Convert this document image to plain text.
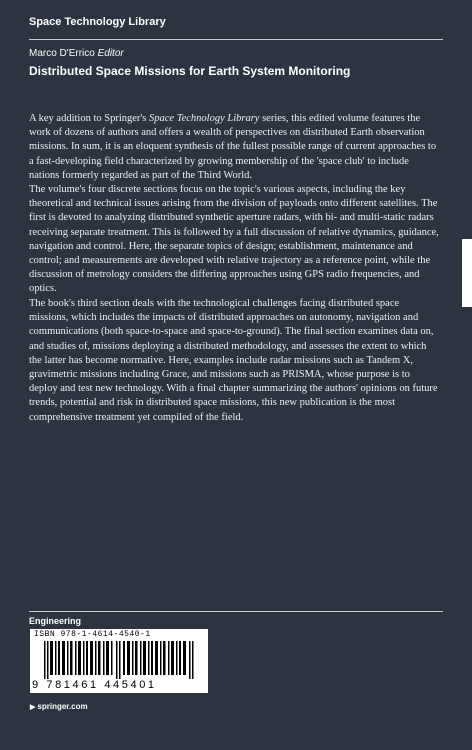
Space Technology Library
Marco D'Errico Editor
Distributed Space Missions for Earth System Monitoring

A key addition to Springer's Space Technology Library series, this edited volume features the work of dozens of authors and offers a wealth of perspectives on distributed Earth observation missions. In sum, it is an eloquent synthesis of the fullest possible range of current approaches to a fast-developing field characterized by growing membership of the 'space club' to include nations formerly regarded as part of the Third World.

The volume's four discrete sections focus on the topic's various aspects, including the key theoretical and technical issues arising from the division of payloads onto different satellites. The first is devoted to analyzing distributed synthetic aperture radars, with bi- and multi-static radars receiving separate treatment. This is followed by a full discussion of relative dynamics, guidance, navigation and control. Here, the separate topics of design; establishment, maintenance and control; and measurements are developed with relative trajectory as a reference point, while the discussion of metrology considers the differing approaches using GPS radio frequencies, and optics.

The book's third section deals with the technological challenges facing distributed space missions, which includes the impacts of distributed approaches on autonomy, navigation and communications (both space-to-space and space-to-ground). The final section examines data on, and studies of, missions deploying a distributed methodology, and assesses the extent to which the latter has become normative. Here, examples include radar missions such as Tandem X, gravimetric missions including Grace, and missions such as PRISMA, whose purpose is to deploy and test new technology. With a final chapter summarizing the authors' opinions on future trends, potential and risk in distributed space missions, this new publication is the most comprehensive treatment yet compiled of the field.

Engineering
ISBN 978-1-4614-4540-1
9 781461 445401
▶ springer.com
